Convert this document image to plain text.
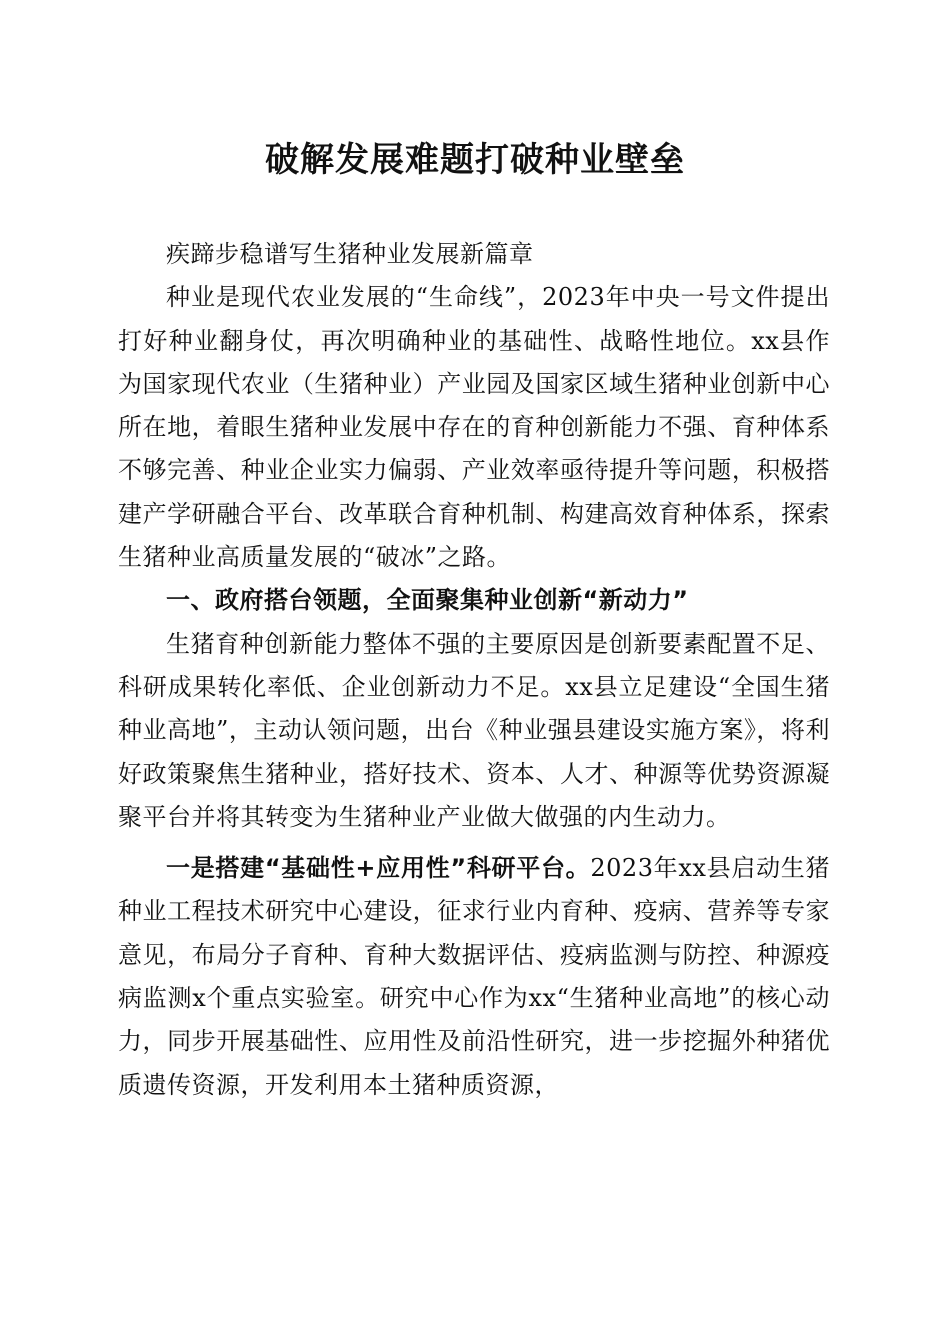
破解发展难题打破种业壁垒

疾蹄步稳谱写生猪种业发展新篇章

种业是现代农业发展的“生命线”，2023年中央一号文件提出打好种业翻身仗，再次明确种业的基础性、战略性地位。xx县作为国家现代农业（生猪种业）产业园及国家区域生猪种业创新中心所在地，着眼生猪种业发展中存在的育种创新能力不强、育种体系不够完善、种业企业实力偏弱、产业效率亟待提升等问题，积极搭建产学研融合平台、改革联合育种机制、构建高效育种体系，探索生猪种业高质量发展的“破冰”之路。

一、政府搭台领题，全面聚集种业创新“新动力”

生猪育种创新能力整体不强的主要原因是创新要素配置不足、科研成果转化率低、企业创新动力不足。xx县立足建设“全国生猪种业高地”，主动认领问题，出台《种业强县建设实施方案》，将利好政策聚焦生猪种业，搭好技术、资本、人才、种源等优势资源凝聚平台并将其转变为生猪种业产业做大做强的内生动力。

一是搭建“基础性+应用性”科研平台。2023年xx县启动生猪种业工程技术研究中心建设，征求行业内育种、疫病、营养等专家意见，布局分子育种、育种大数据评估、疫病监测与防控、种源疫病监测x个重点实验室。研究中心作为xx“生猪种业高地”的核心动力，同步开展基础性、应用性及前沿性研究，进一步挖掘外种猪优质遗传资源，开发利用本土猪种质资源，
